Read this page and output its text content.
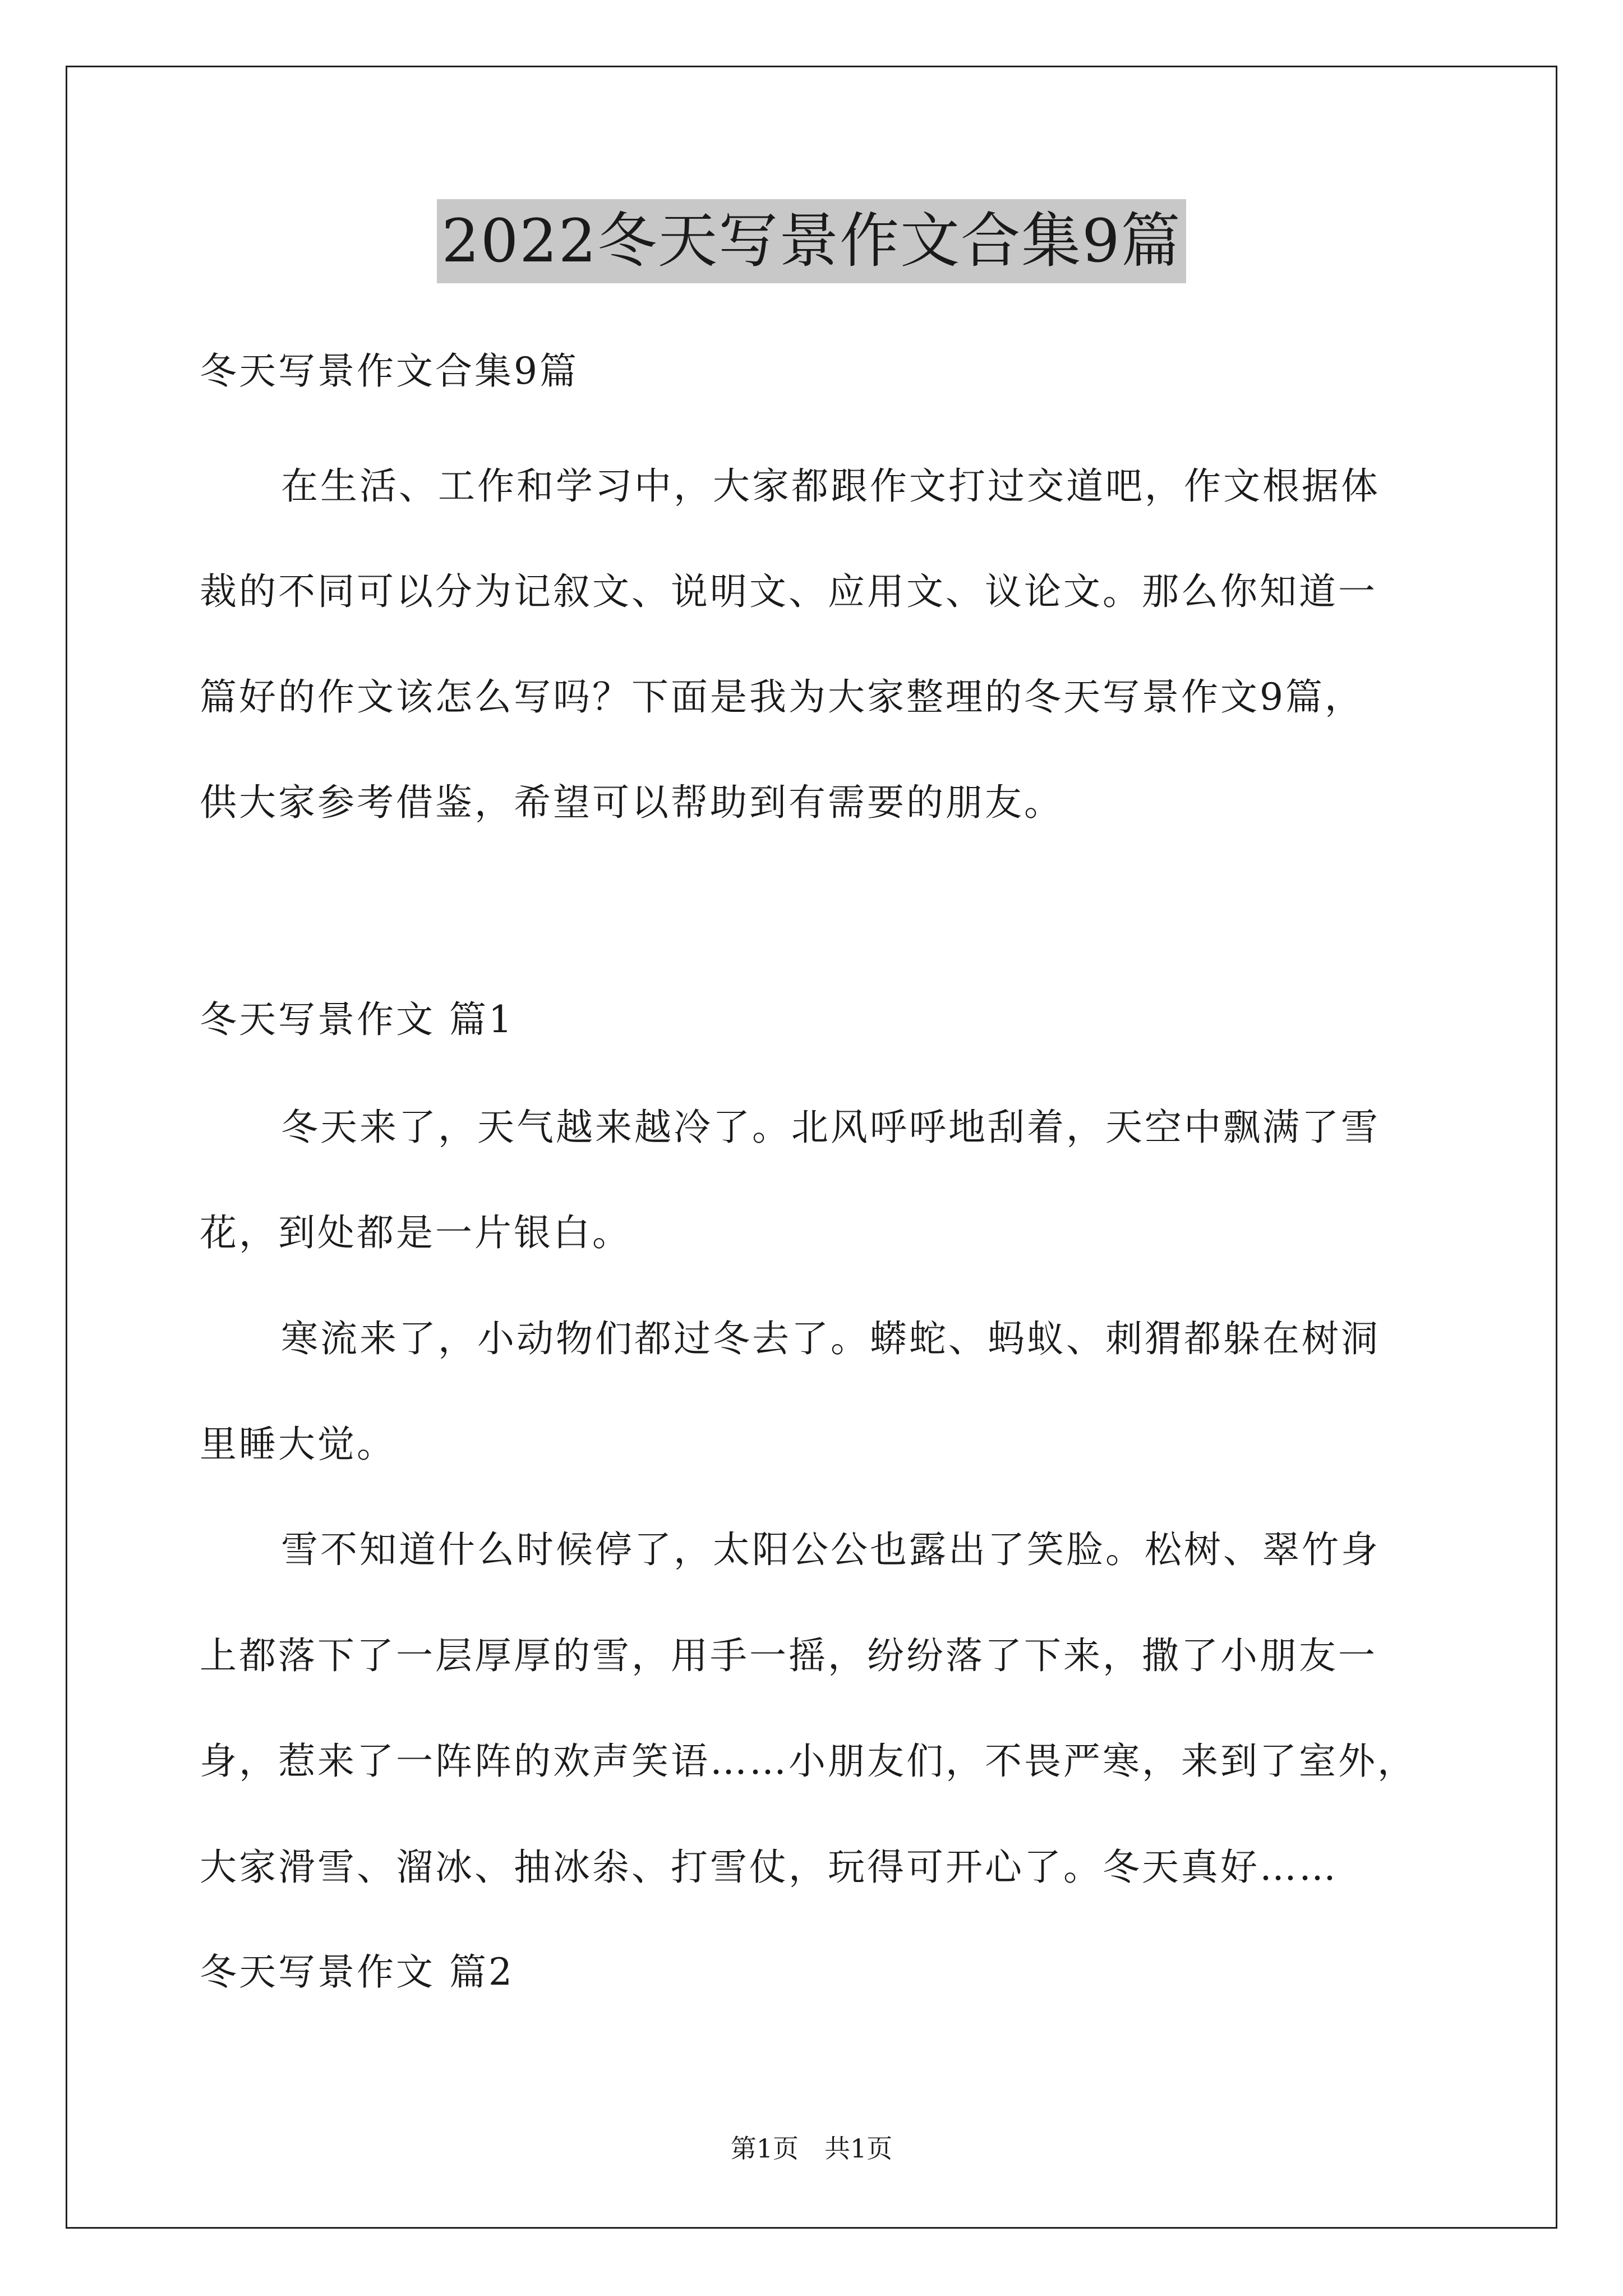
2022冬天写景作文合集9篇
冬天写景作文合集9篇
在生活、工作和学习中，大家都跟作文打过交道吧，作文根据体
裁的不同可以分为记叙文、说明文、应用文、议论文。那么你知道一
篇好的作文该怎么写吗？下面是我为大家整理的冬天写景作文9篇，
供大家参考借鉴，希望可以帮助到有需要的朋友。
冬天写景作文 篇1
冬天来了，天气越来越冷了。北风呼呼地刮着，天空中飘满了雪
花，到处都是一片银白。
寒流来了，小动物们都过冬去了。蟒蛇、蚂蚁、刺猬都躲在树洞
里睡大觉。
雪不知道什么时候停了，太阳公公也露出了笑脸。松树、翠竹身
上都落下了一层厚厚的雪，用手一摇，纷纷落了下来，撒了小朋友一
身，惹来了一阵阵的欢声笑语……小朋友们，不畏严寒，来到了室外，
大家滑雪、溜冰、抽冰尜、打雪仗，玩得可开心了。冬天真好……
冬天写景作文 篇2
第1页　共1页
